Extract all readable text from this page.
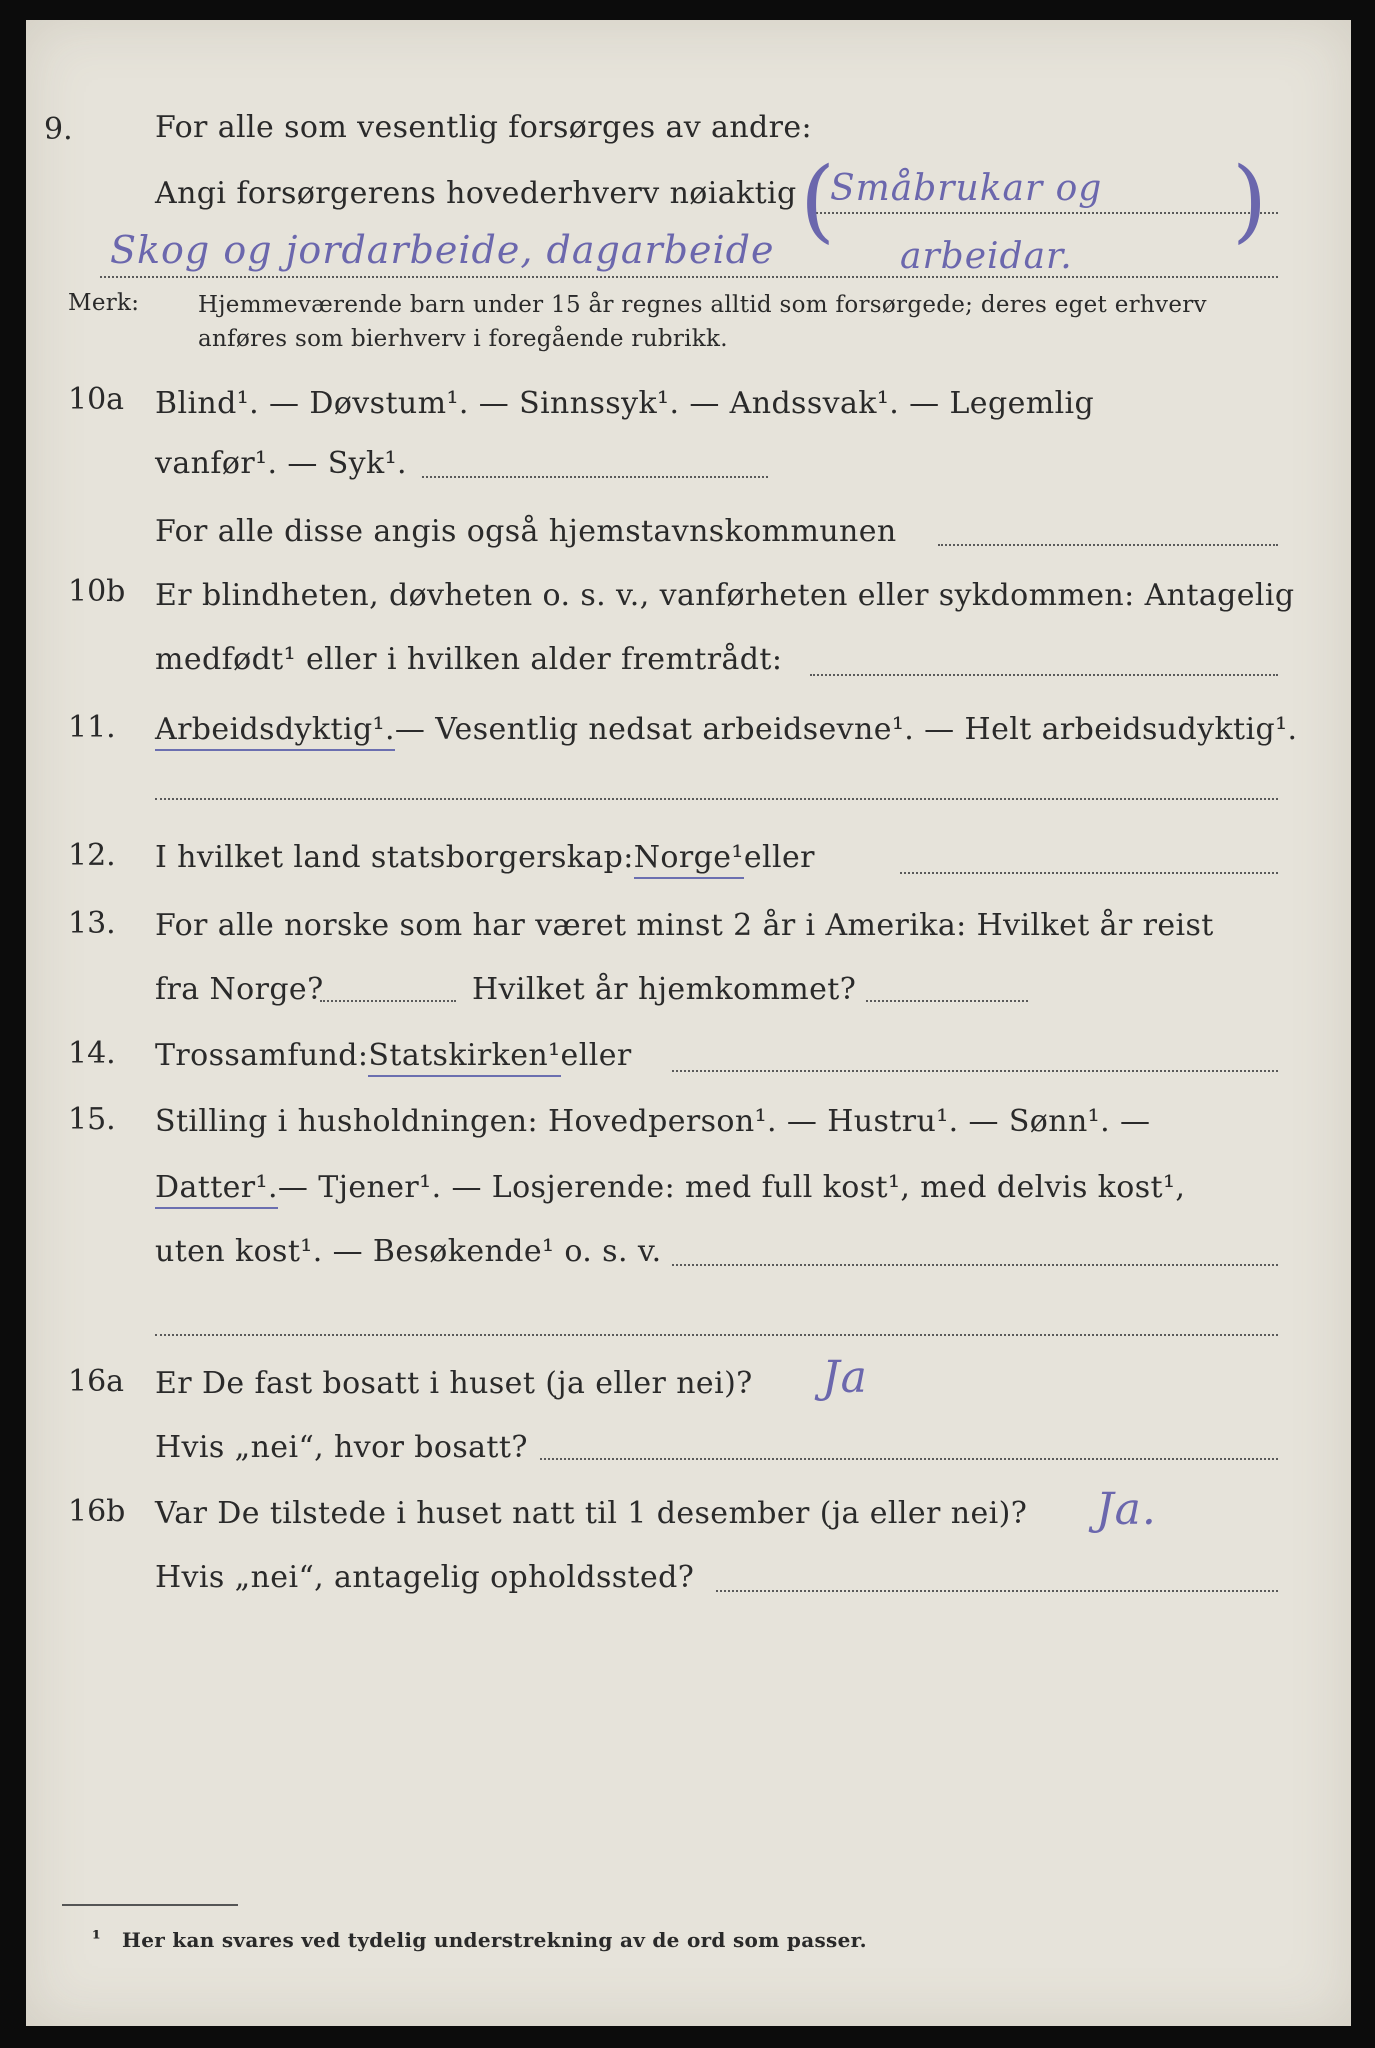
9.	For alle som vesentlig forsørges av andre:
Angi forsørgerens hovederhverv nøiaktig (	)
Småbrukar og
Skog og jordarbeide, dagarbeide	arbeidar.
Merk:	Hjemmeværende barn under 15 år regnes alltid som forsørgede; deres eget erhverv
anføres som bierhverv i foregående rubrikk.
10a Blind¹. — Døvstum¹. — Sinnssyk¹. — Andssvak¹. — Legemlig
vanfør¹. — Syk¹.
For alle disse angis også hjemstavnskommunen
10b Er blindheten, døvheten o. s. v., vanførheten eller sykdommen: Antagelig
medfødt¹ eller i hvilken alder fremtrådt:
11. Arbeidsdyktig¹. — Vesentlig nedsat arbeidsevne¹. — Helt arbeidsudyktig¹.
12. I hvilket land statsborgerskap: Norge¹ eller
13. For alle norske som har været minst 2 år i Amerika: Hvilket år reist
fra Norge?	Hvilket år hjemkommet?
14. Trossamfund: Statskirken¹ eller
15. Stilling i husholdningen: Hovedperson¹. — Hustru¹. — Sønn¹. —
Datter¹. — Tjener¹. — Losjerende: med full kost¹, med delvis kost¹,
uten kost¹. — Besøkende¹ o. s. v.
16a Er De fast bosatt i huset (ja eller nei)? Ja
Hvis „nei“, hvor bosatt?
16b Var De tilstede i huset natt til 1 desember (ja eller nei)? Ja.
Hvis „nei“, antagelig opholdssted?
¹ Her kan svares ved tydelig understrekning av de ord som passer.
